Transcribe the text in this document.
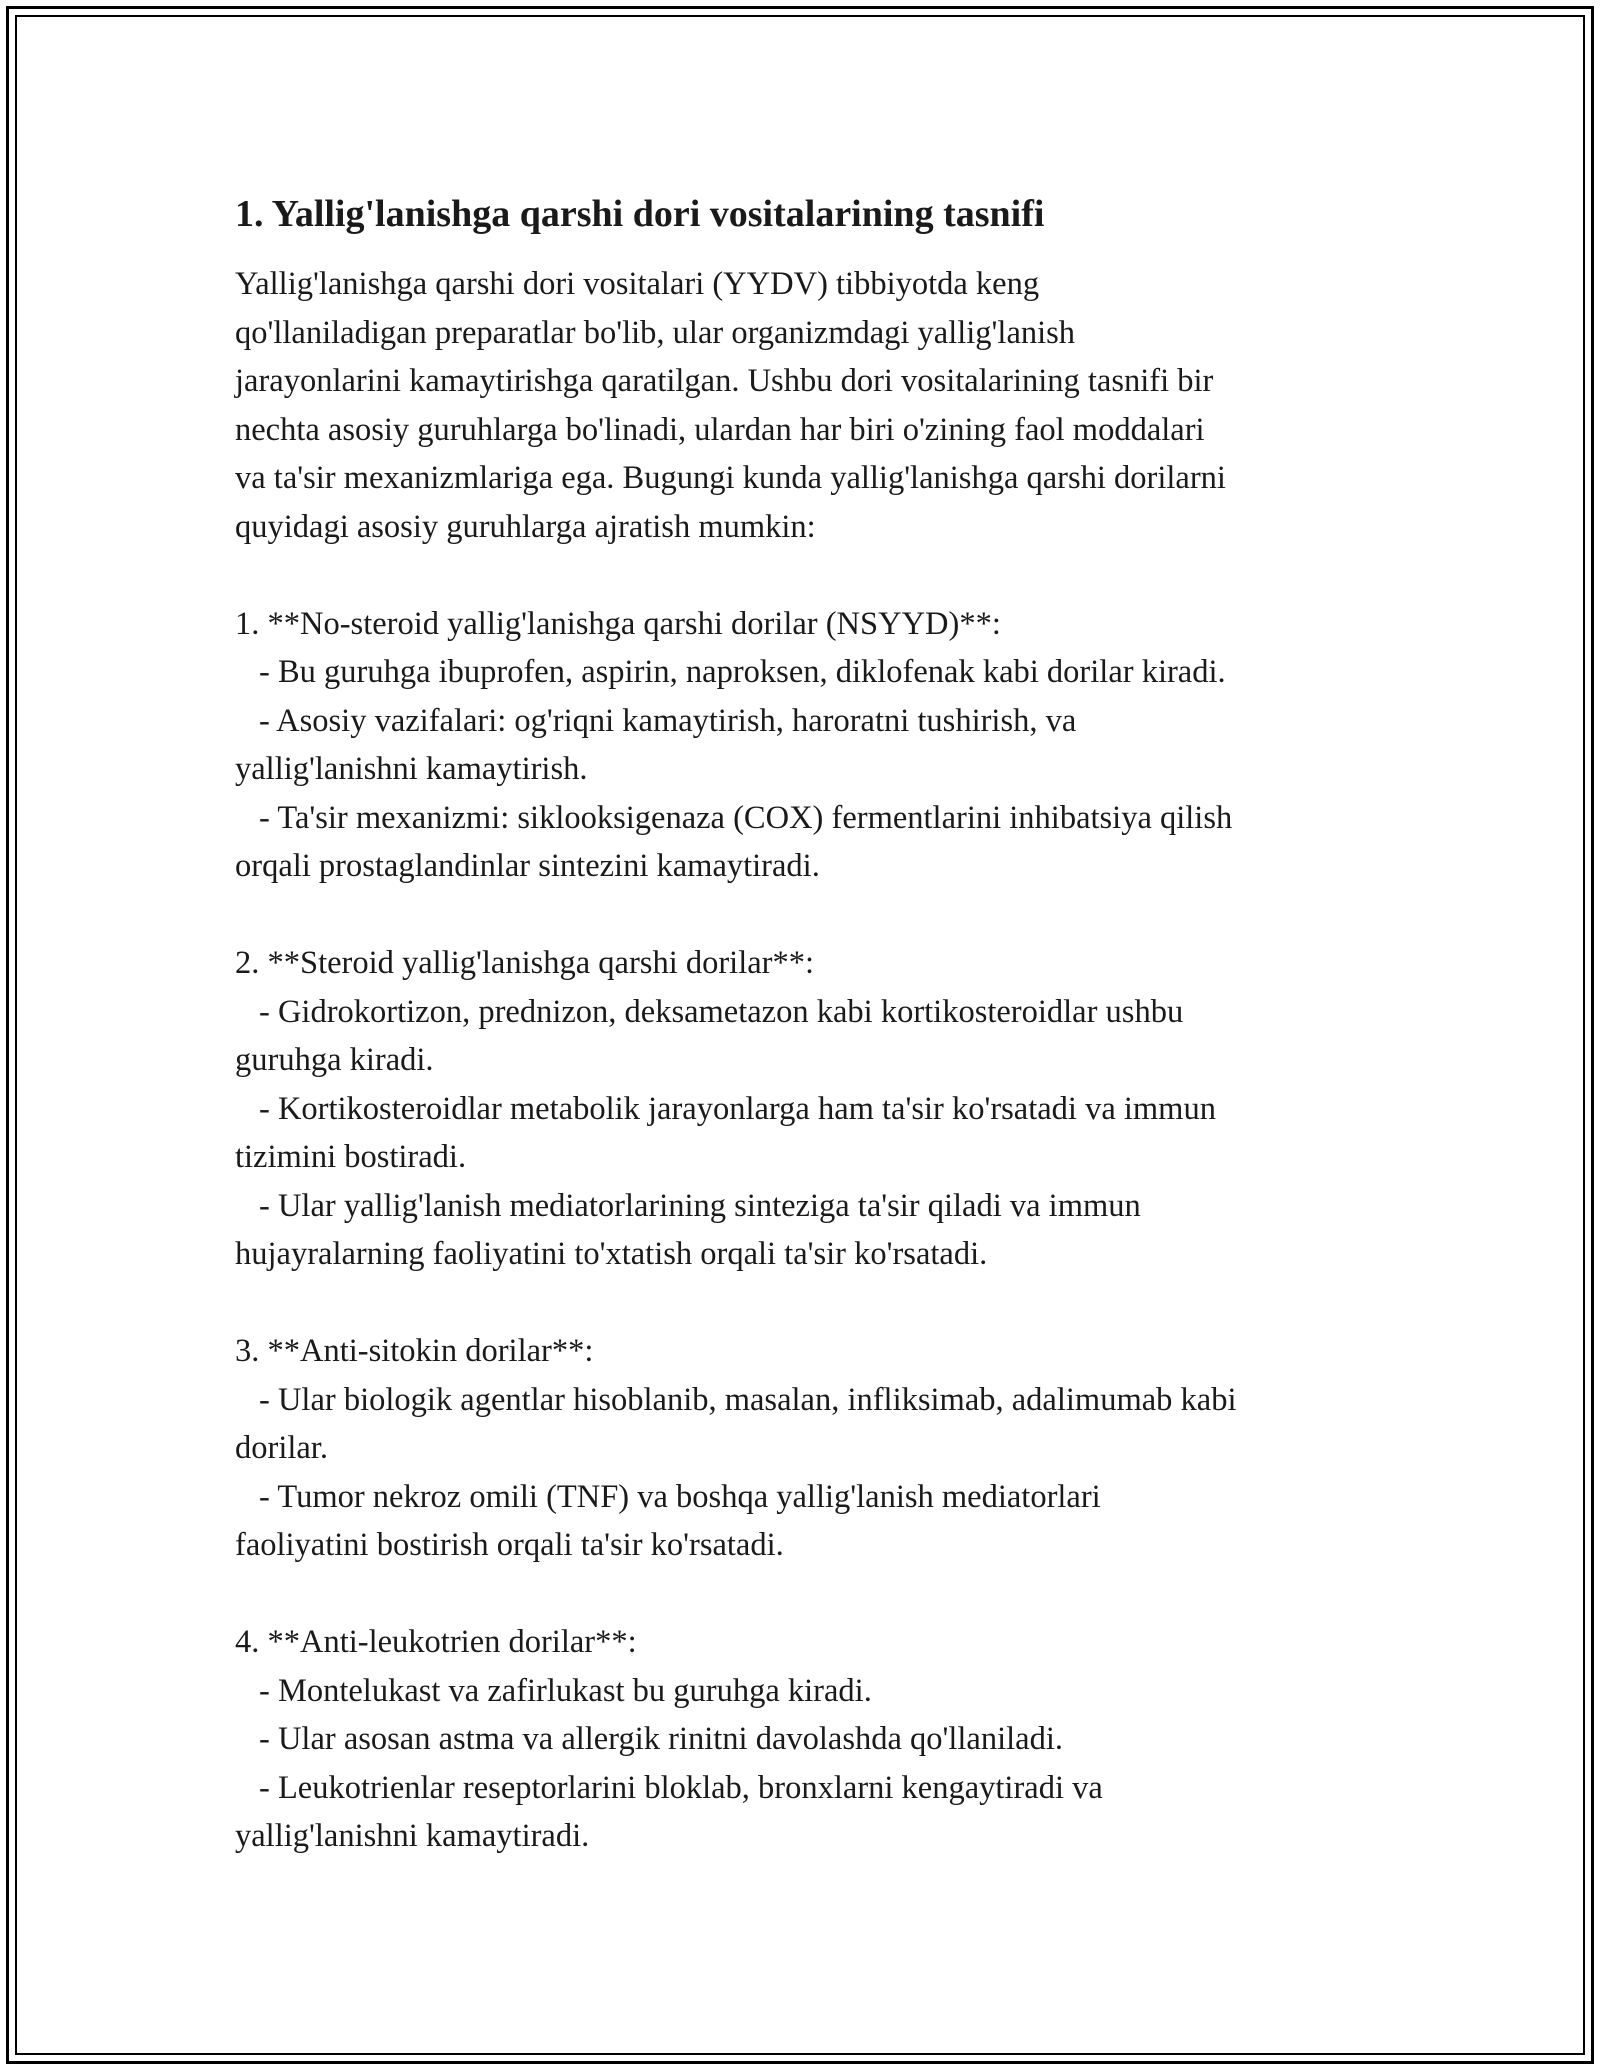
1. Yallig'lanishga qarshi dori vositalarining tasnifi

Yallig'lanishga qarshi dori vositalari (YYDV) tibbiyotda keng

qo'llaniladigan preparatlar bo'lib, ular organizmdagi yallig'lanish

jarayonlarini kamaytirishga qaratilgan. Ushbu dori vositalarining tasnifi bir

nechta asosiy guruhlarga bo'linadi, ulardan har biri o'zining faol moddalari

va ta'sir mexanizmlariga ega. Bugungi kunda yallig'lanishga qarshi dorilarni

quyidagi asosiy guruhlarga ajratish mumkin:

1. **No-steroid yallig'lanishga qarshi dorilar (NSYYD)**:

- Bu guruhga ibuprofen, aspirin, naproksen, diklofenak kabi dorilar kiradi.

- Asosiy vazifalari: og'riqni kamaytirish, haroratni tushirish, va

yallig'lanishni kamaytirish.

- Ta'sir mexanizmi: siklooksigenaza (COX) fermentlarini inhibatsiya qilish

orqali prostaglandinlar sintezini kamaytiradi.

2. **Steroid yallig'lanishga qarshi dorilar**:

- Gidrokortizon, prednizon, deksametazon kabi kortikosteroidlar ushbu

guruhga kiradi.

- Kortikosteroidlar metabolik jarayonlarga ham ta'sir ko'rsatadi va immun

tizimini bostiradi.

- Ular yallig'lanish mediatorlarining sinteziga ta'sir qiladi va immun

hujayralarning faoliyatini to'xtatish orqali ta'sir ko'rsatadi.

3. **Anti-sitokin dorilar**:

- Ular biologik agentlar hisoblanib, masalan, infliksimab, adalimumab kabi

dorilar.

- Tumor nekroz omili (TNF) va boshqa yallig'lanish mediatorlari

faoliyatini bostirish orqali ta'sir ko'rsatadi.

4. **Anti-leukotrien dorilar**:

- Montelukast va zafirlukast bu guruhga kiradi.

- Ular asosan astma va allergik rinitni davolashda qo'llaniladi.

- Leukotrienlar reseptorlarini bloklab, bronxlarni kengaytiradi va

yallig'lanishni kamaytiradi.
